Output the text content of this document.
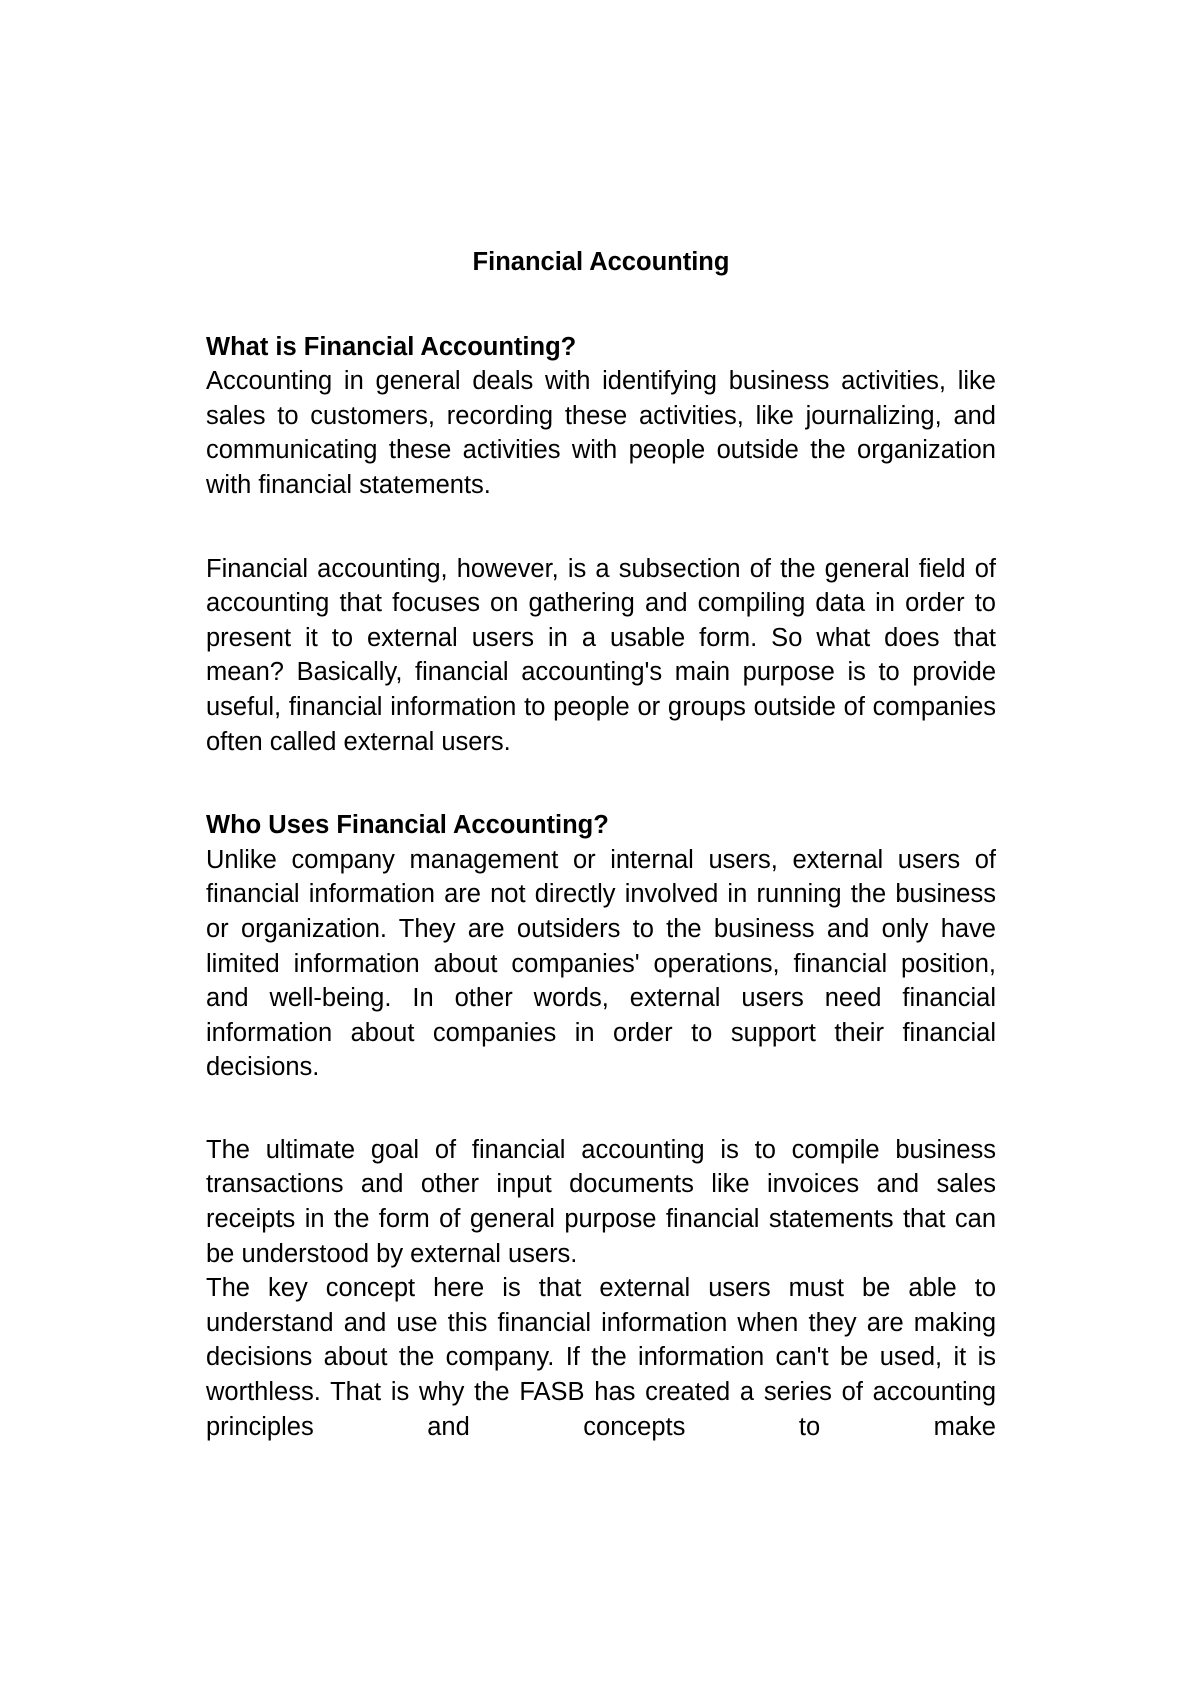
Financial Accounting
What is Financial Accounting?

Accounting in general deals with identifying business activities, like sales to customers, recording these activities, like journalizing, and communicating these activities with people outside the organization with financial statements.

Financial accounting, however, is a subsection of the general field of accounting that focuses on gathering and compiling data in order to present it to external users in a usable form. So what does that mean? Basically, financial accounting's main purpose is to provide useful, financial information to people or groups outside of companies often called external users.

Who Uses Financial Accounting?

Unlike company management or internal users, external users of financial information are not directly involved in running the business or organization. They are outsiders to the business and only have limited information about companies' operations, financial position, and well-being. In other words, external users need financial information about companies in order to support their financial decisions.

The ultimate goal of financial accounting is to compile business transactions and other input documents like invoices and sales receipts in the form of general purpose financial statements that can be understood by external users.

The key concept here is that external users must be able to understand and use this financial information when they are making decisions about the company. If the information can't be used, it is worthless. That is why the FASB has created a series of accounting principles and concepts to make
